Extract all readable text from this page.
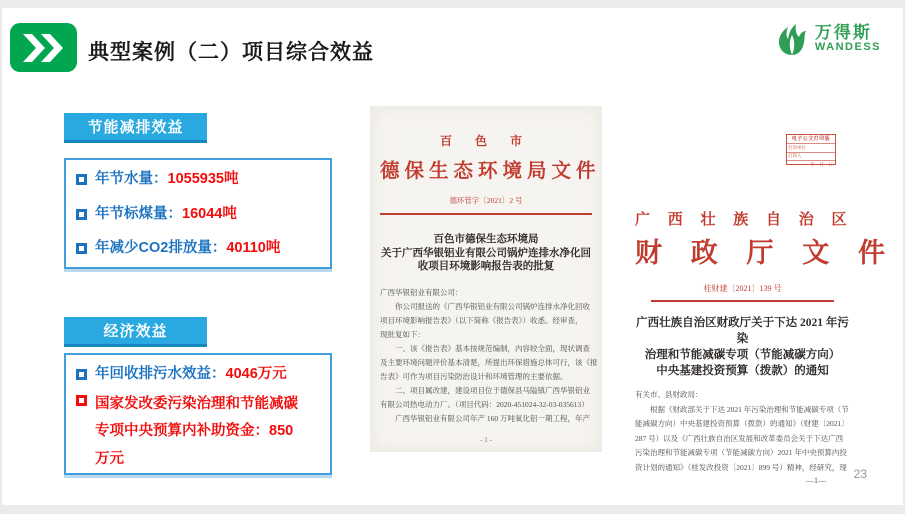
典型案例（二）项目综合效益
万得斯
WANDESS
节能减排效益
年节水量：1055935吨
年节标煤量：16044吨
年减少CO2排放量：40110吨
经济效益
年回收排污水效益：4046万元
国家发改委污染治理和节能减碳专项中央预算内补助资金：850万元
百 色 市
德保生态环境局文件
德环管字〔2021〕2 号
百色市德保生态环境局
关于广西华银铝业有限公司锅炉连排水净化回
收项目环境影响报告表的批复
广西华银铝业有限公司：
你公司报送的《广西华银铝业有限公司锅炉连排水净化回收
项目环境影响报告表》（以下简称《报告表》）收悉。经审查，
现批复如下：
一、该《报告表》基本按规范编制，内容较全面，现状调查
及主要环境问题评价基本清楚，所提出环保措施总体可行，该《报
告表》可作为项目污染防治设计和环境管理的主要依据。
二、项目属改建，建设项目位于德保县马隘镇广西华银铝业
有限公司热电动力厂。（项目代码：2020-451024-32-03-035613）
广西华银铝业有限公司年产 160 万吨氧化铝一期工程，年产
- 1 -
电子公文打印版
打印单位
打印人
年　月　日
广 西 壮 族 自 治 区
财 政 厅 文 件
桂财建〔2021〕139 号
广西壮族自治区财政厅关于下达 2021 年污染
治理和节能减碳专项（节能减碳方向）
中央基建投资预算（拨款）的通知
有关市、县财政局：
根据《财政部关于下达 2021 年污染治理和节能减碳专项（节
能减碳方向）中央基建投资预算（拨款）的通知》（财建〔2021〕
287 号）以及《广西壮族自治区发展和改革委员会关于下达广西
污染治理和节能减碳专项（节能减碳方向）2021 年中央预算内投
资计划的通知》（桂发改投资〔2021〕899 号）精神，经研究，现
—1—	23
